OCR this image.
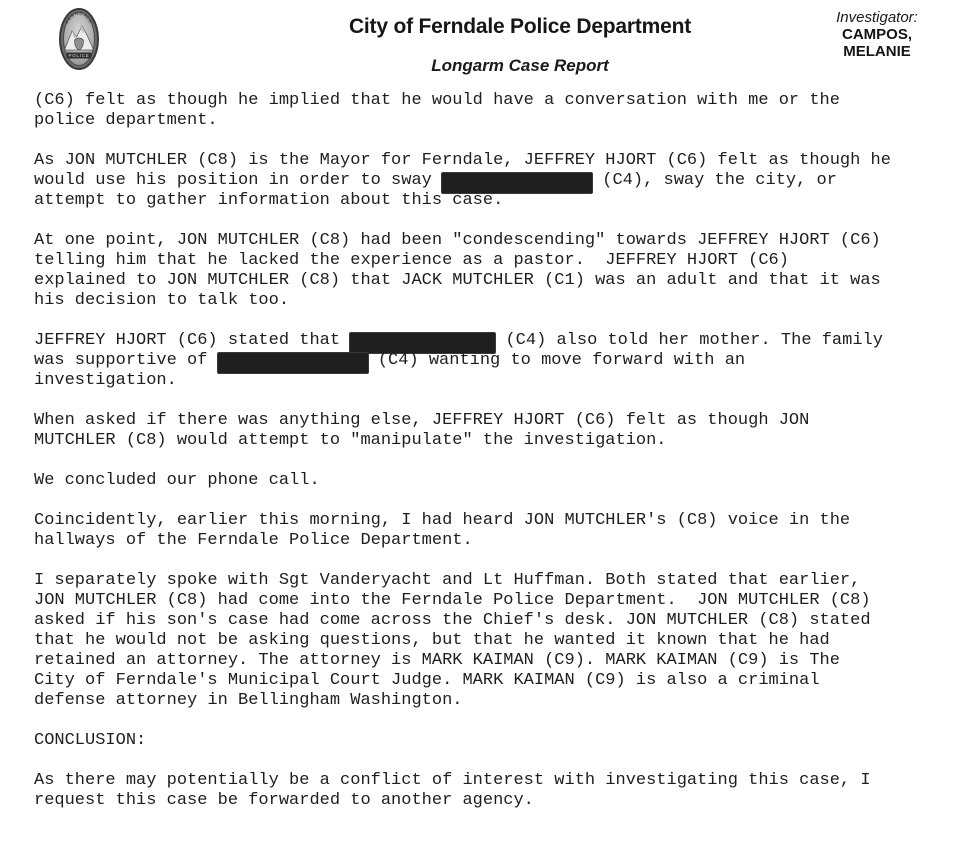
FERNDALE
POLICE
City of Ferndale Police Department
Longarm Case Report
Investigator:
CAMPOS,
MELANIE
(C6) felt as though he implied that he would have a conversation with me or the
police department.
As JON MUTCHLER (C8) is the Mayor for Ferndale, JEFFREY HJORT (C6) felt as though he
would use his position in order to sway	(C4), sway the city, or
attempt to gather information about this case.
At one point, JON MUTCHLER (C8) had been "condescending" towards JEFFREY HJORT (C6)
telling him that he lacked the experience as a pastor.  JEFFREY HJORT (C6)
explained to JON MUTCHLER (C8) that JACK MUTCHLER (C1) was an adult and that it was
his decision to talk too.
JEFFREY HJORT (C6) stated that	(C4) also told her mother. The family
was supportive of	(C4) wanting to move forward with an
investigation.
When asked if there was anything else, JEFFREY HJORT (C6) felt as though JON
MUTCHLER (C8) would attempt to "manipulate" the investigation.
We concluded our phone call.
Coincidently, earlier this morning, I had heard JON MUTCHLER's (C8) voice in the
hallways of the Ferndale Police Department.
I separately spoke with Sgt Vanderyacht and Lt Huffman. Both stated that earlier,
JON MUTCHLER (C8) had come into the Ferndale Police Department.  JON MUTCHLER (C8)
asked if his son's case had come across the Chief's desk. JON MUTCHLER (C8) stated
that he would not be asking questions, but that he wanted it known that he had
retained an attorney. The attorney is MARK KAIMAN (C9). MARK KAIMAN (C9) is The
City of Ferndale's Municipal Court Judge. MARK KAIMAN (C9) is also a criminal
defense attorney in Bellingham Washington.
CONCLUSION:
As there may potentially be a conflict of interest with investigating this case, I
request this case be forwarded to another agency.
